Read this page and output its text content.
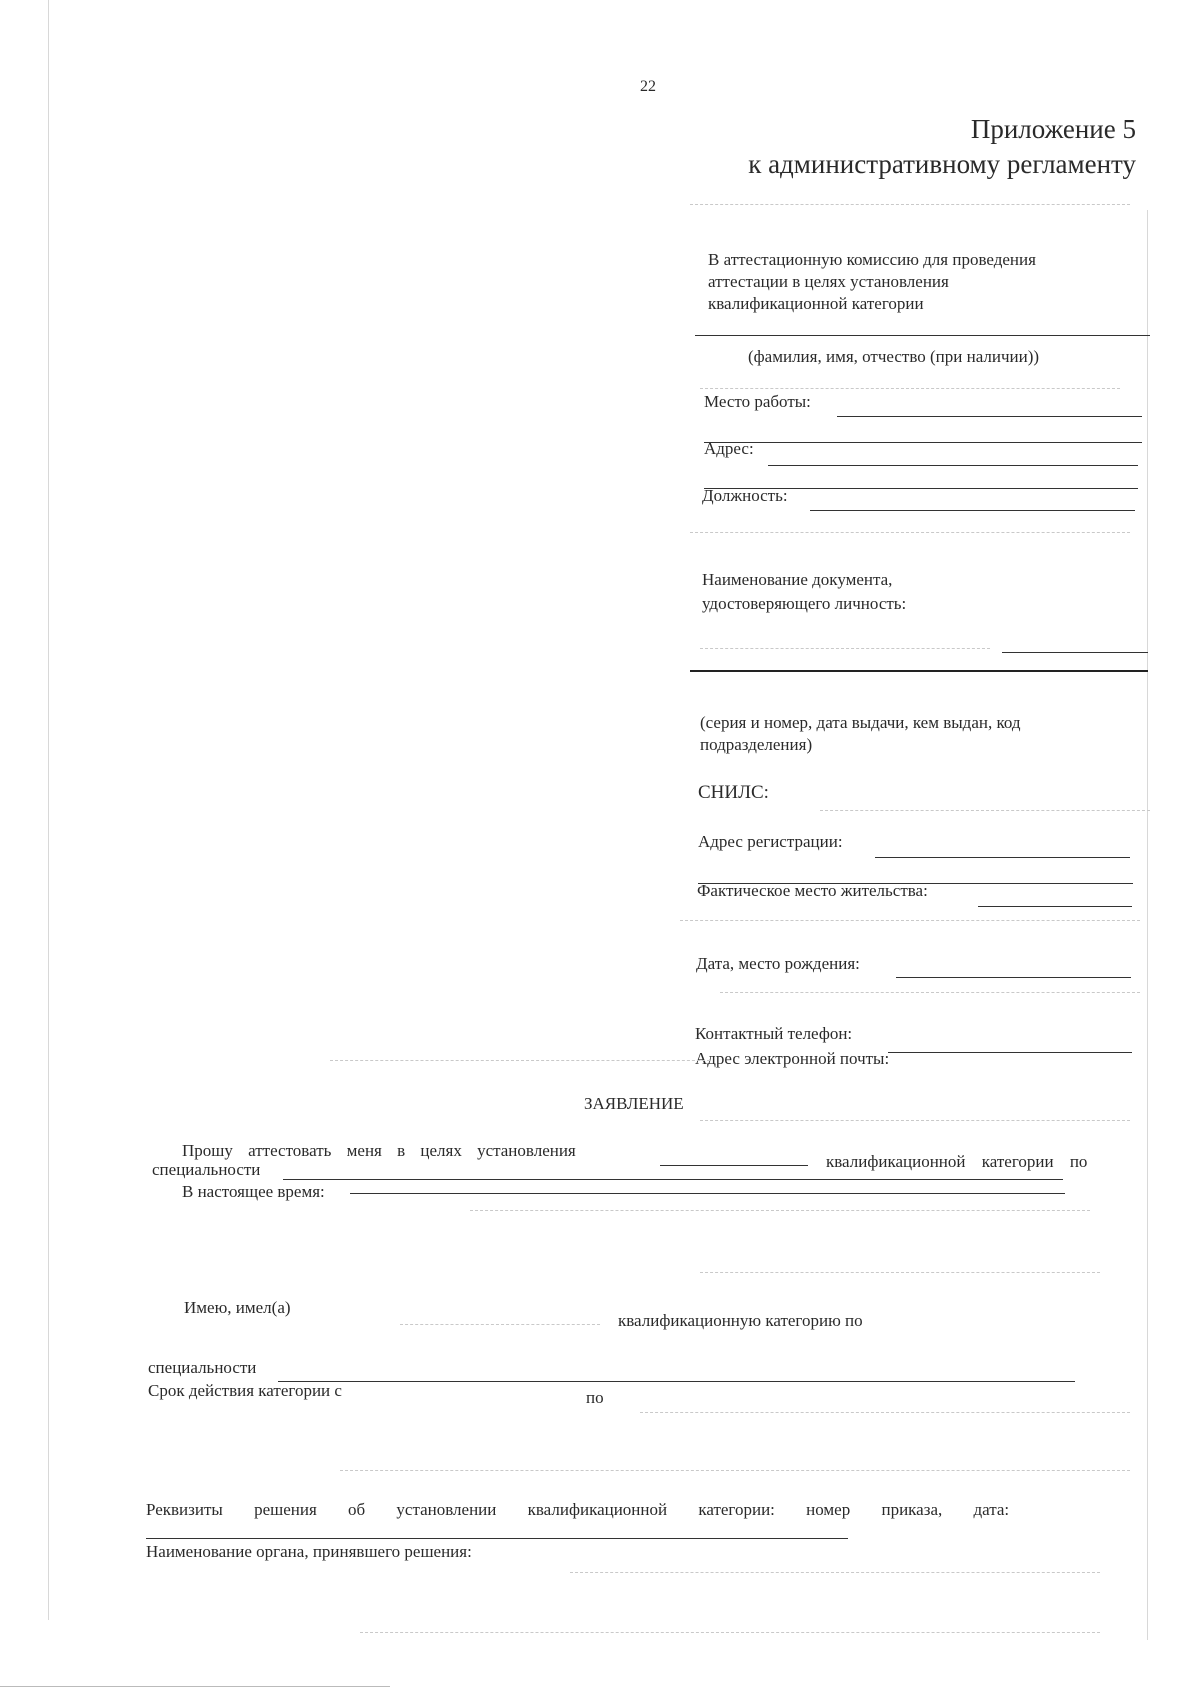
22
Приложение 5
к административному регламенту
В аттестационную комиссию для проведения
аттестации в целях установления
квалификационной категории
(фамилия, имя, отчество (при наличии))
Место работы:
Адрес:
Должность:
Наименование документа,
удостоверяющего личность:
(серия и номер, дата выдачи, кем выдан, код
подразделения)
СНИЛС:
Адрес регистрации:
Фактическое место жительства:
Дата, место рождения:
Контактный телефон:
Адрес электронной почты:
ЗАЯВЛЕНИЕ
Прошу аттестовать меня в целях установления
квалификационной категории по
специальности
В настоящее время:
Имею, имел(а)
квалификационную категорию по
специальности
Срок действия категории с	по
Реквизиты решения об установлении квалификационной категории: номер приказа, дата:
Наименование органа, принявшего решения:
